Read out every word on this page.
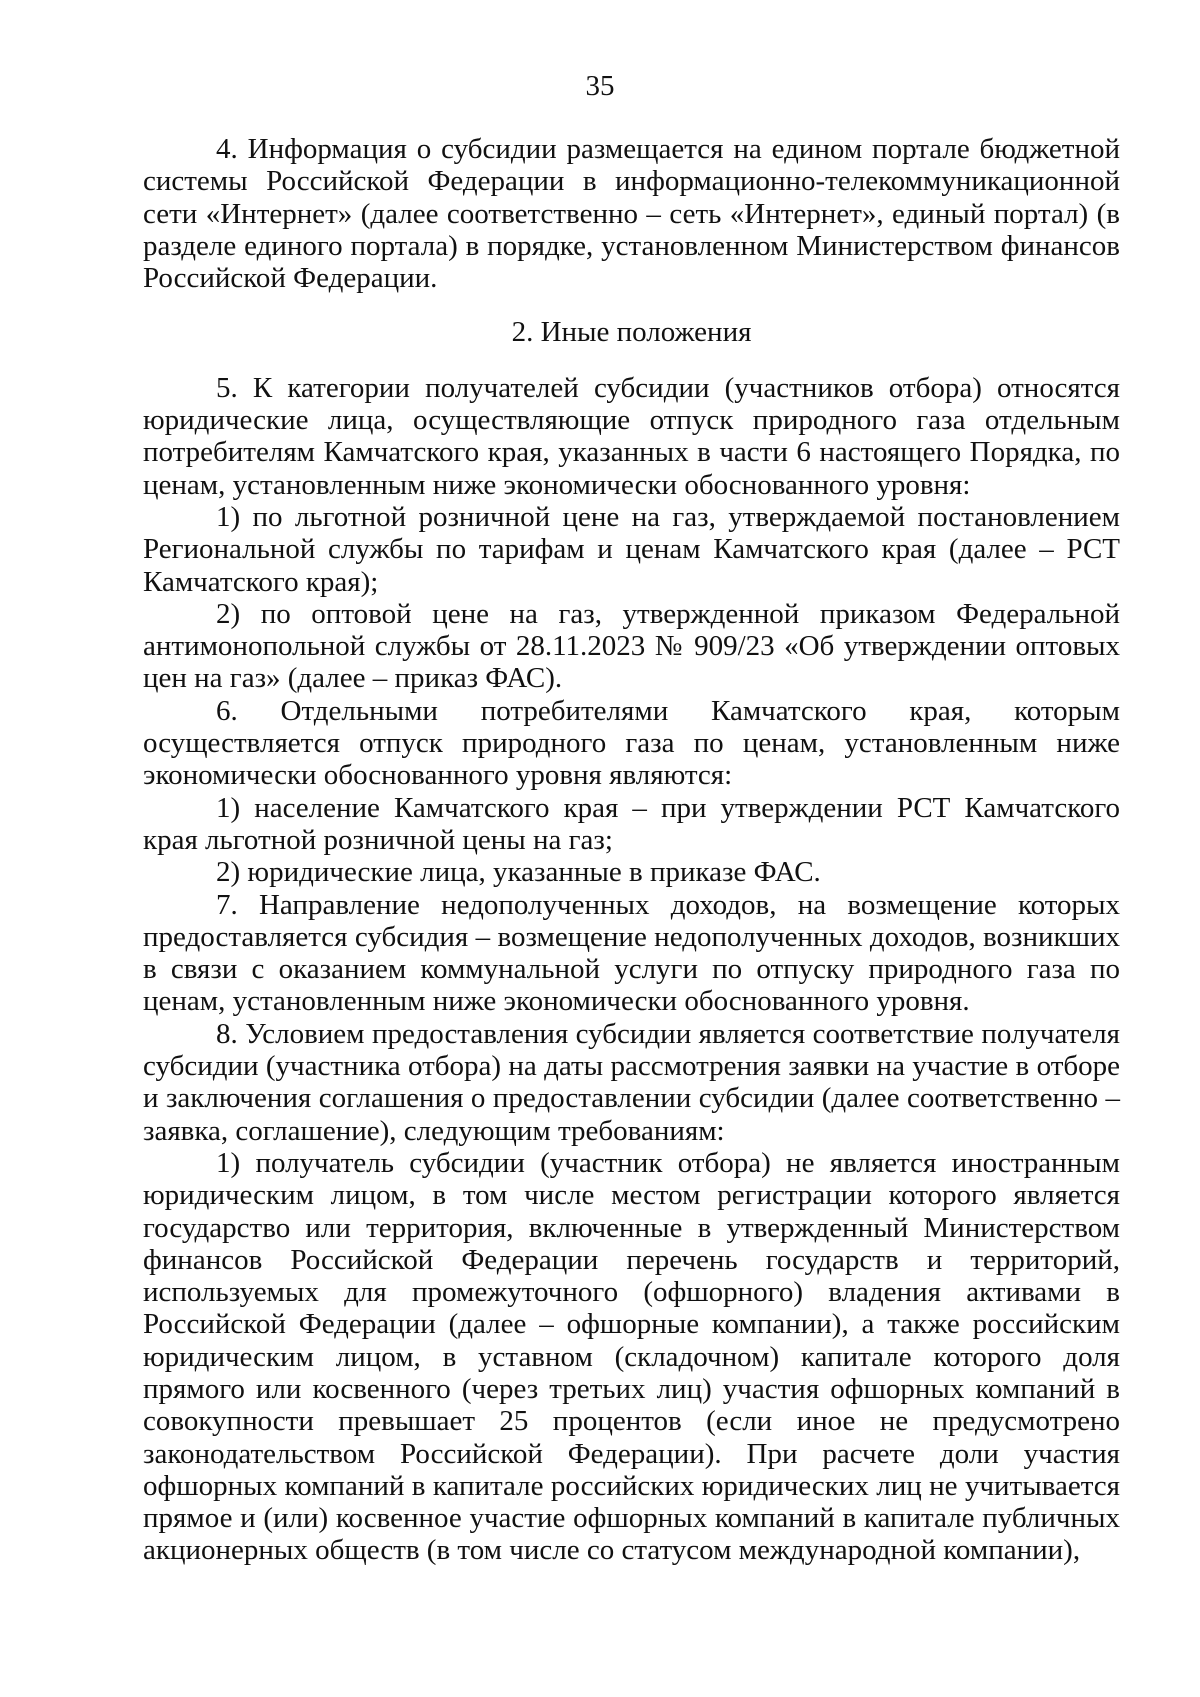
35

4. Информация о субсидии размещается на едином портале бюджетной системы Российской Федерации в информационно-телекоммуникационной сети «Интернет» (далее соответственно – сеть «Интернет», единый портал) (в разделе единого портала) в порядке, установленном Министерством финансов Российской Федерации.

2. Иные положения

5. К категории получателей субсидии (участников отбора) относятся юридические лица, осуществляющие отпуск природного газа отдельным потребителям Камчатского края, указанных в части 6 настоящего Порядка, по ценам, установленным ниже экономически обоснованного уровня:

1) по льготной розничной цене на газ, утверждаемой постановлением Региональной службы по тарифам и ценам Камчатского края (далее – РСТ Камчатского края);

2) по оптовой цене на газ, утвержденной приказом Федеральной антимонопольной службы от 28.11.2023 № 909/23 «Об утверждении оптовых цен на газ» (далее – приказ ФАС).

6. Отдельными потребителями Камчатского края, которым осуществляется отпуск природного газа по ценам, установленным ниже экономически обоснованного уровня являются:

1) население Камчатского края – при утверждении РСТ Камчатского края льготной розничной цены на газ;

2) юридические лица, указанные в приказе ФАС.

7. Направление недополученных доходов, на возмещение которых предоставляется субсидия – возмещение недополученных доходов, возникших в связи с оказанием коммунальной услуги по отпуску природного газа по ценам, установленным ниже экономически обоснованного уровня.

8. Условием предоставления субсидии является соответствие получателя субсидии (участника отбора) на даты рассмотрения заявки на участие в отборе и заключения соглашения о предоставлении субсидии (далее соответственно – заявка, соглашение), следующим требованиям:

1) получатель субсидии (участник отбора) не является иностранным юридическим лицом, в том числе местом регистрации которого является государство или территория, включенные в утвержденный Министерством финансов Российской Федерации перечень государств и территорий, используемых для промежуточного (офшорного) владения активами в Российской Федерации (далее – офшорные компании), а также российским юридическим лицом, в уставном (складочном) капитале которого доля прямого или косвенного (через третьих лиц) участия офшорных компаний в совокупности превышает 25 процентов (если иное не предусмотрено законодательством Российской Федерации). При расчете доли участия офшорных компаний в капитале российских юридических лиц не учитывается прямое и (или) косвенное участие офшорных компаний в капитале публичных акционерных обществ (в том числе со статусом международной компании),
